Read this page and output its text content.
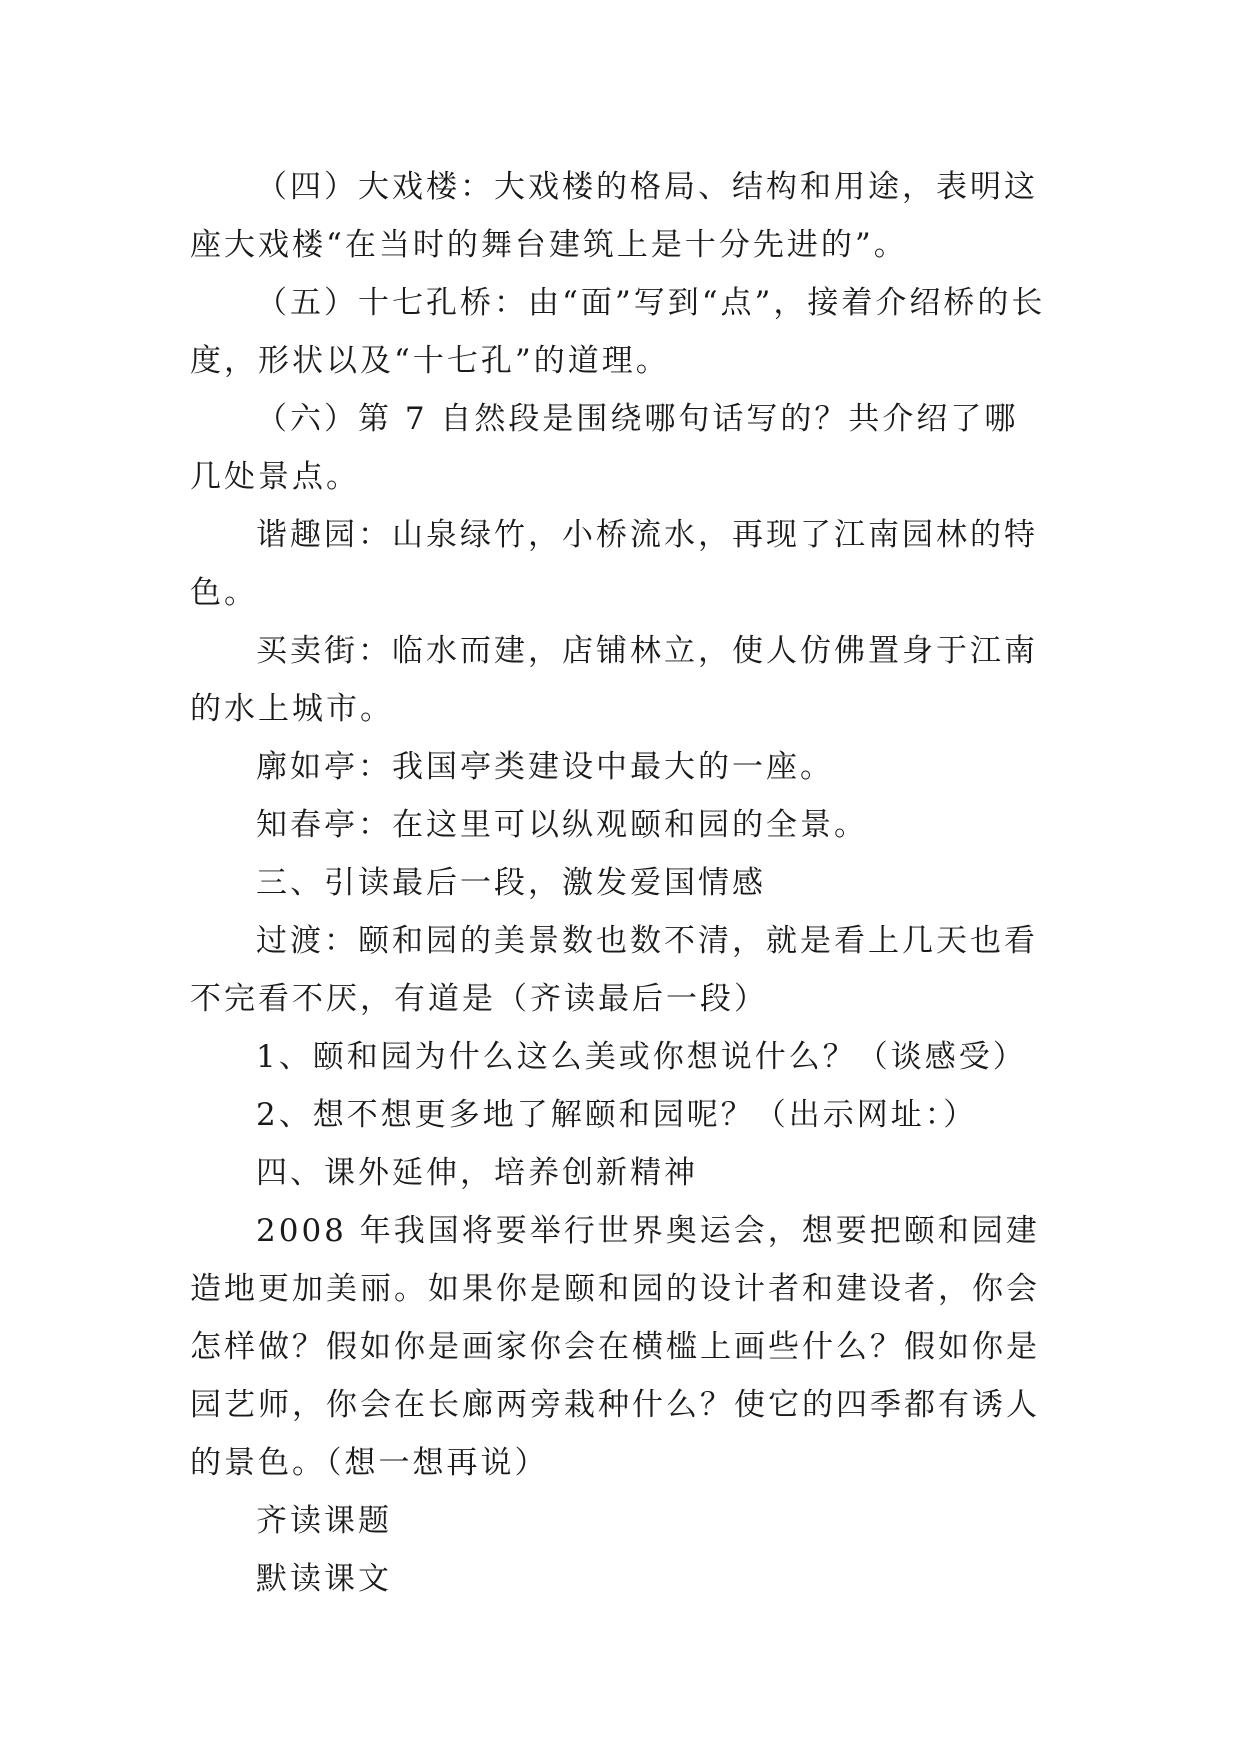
（四）大戏楼：大戏楼的格局、结构和用途，表明这座大戏楼“在当时的舞台建筑上是十分先进的”。

（五）十七孔桥：由“面”写到“点”，接着介绍桥的长度，形状以及“十七孔”的道理。

（六）第 7 自然段是围绕哪句话写的？共介绍了哪几处景点。

谐趣园：山泉绿竹，小桥流水，再现了江南园林的特色。

买卖街：临水而建，店铺林立，使人仿佛置身于江南的水上城市。

廓如亭：我国亭类建设中最大的一座。

知春亭：在这里可以纵观颐和园的全景。

三、引读最后一段，激发爱国情感

过渡：颐和园的美景数也数不清，就是看上几天也看不完看不厌，有道是（齐读最后一段）

1、颐和园为什么这么美或你想说什么？（谈感受）

2、想不想更多地了解颐和园呢？（出示网址：）

四、课外延伸，培养创新精神

2008 年我国将要举行世界奥运会，想要把颐和园建造地更加美丽。如果你是颐和园的设计者和建设者，你会怎样做？假如你是画家你会在横槛上画些什么？假如你是园艺师，你会在长廊两旁栽种什么？使它的四季都有诱人的景色。（想一想再说）

齐读课题

默读课文
